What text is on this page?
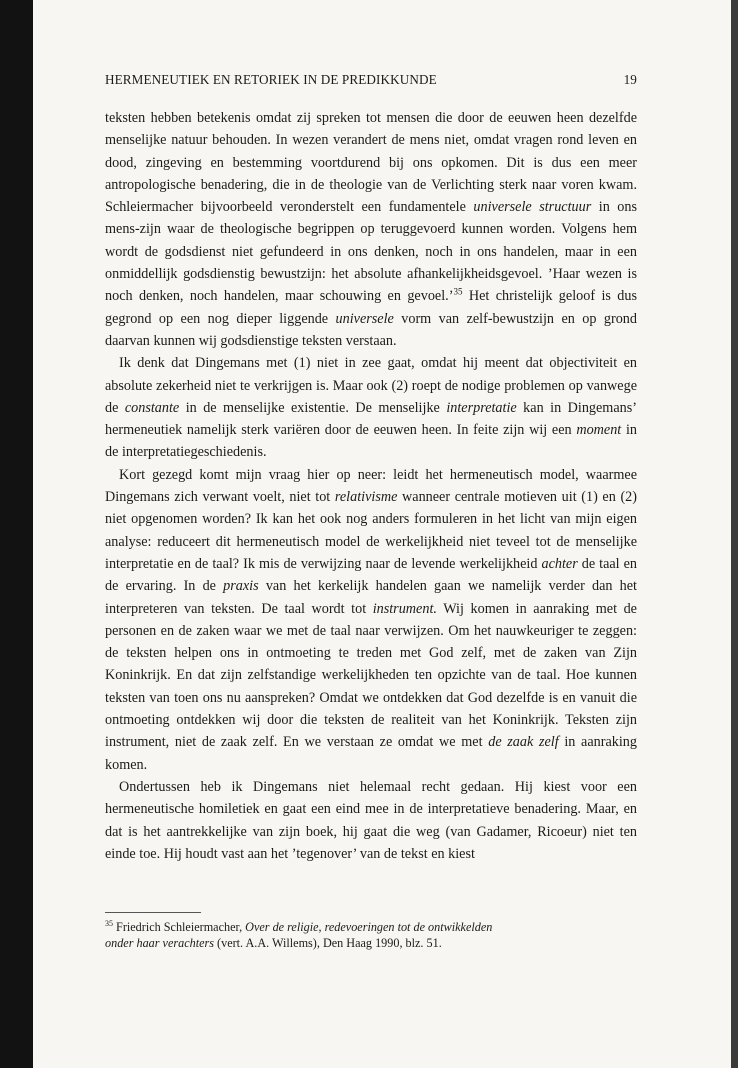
HERMENEUTIEK EN RETORIEK IN DE PREDIKKUNDE	19

teksten hebben betekenis omdat zij spreken tot mensen die door de eeuwen heen dezelfde menselijke natuur behouden. In wezen verandert de mens niet, omdat vragen rond leven en dood, zingeving en bestemming voortdurend bij ons opkomen. Dit is dus een meer antropologische benadering, die in de theologie van de Verlichting sterk naar voren kwam. Schleiermacher bijvoorbeeld veronderstelt een fundamentele universele structuur in ons mens-zijn waar de theologische begrippen op teruggevoerd kunnen worden. Volgens hem wordt de godsdienst niet gefundeerd in ons denken, noch in ons handelen, maar in een onmiddellijk godsdienstig bewustzijn: het absolute afhankelijkheidsgevoel. ’Haar wezen is noch denken, noch handelen, maar schouwing en gevoel.’$^{35}$ Het christelijk geloof is dus gegrond op een nog dieper liggende universele vorm van zelf-bewustzijn en op grond daarvan kunnen wij godsdienstige teksten verstaan.

Ik denk dat Dingemans met (1) niet in zee gaat, omdat hij meent dat objectiviteit en absolute zekerheid niet te verkrijgen is. Maar ook (2) roept de nodige problemen op vanwege de constante in de menselijke existentie. De menselijke interpretatie kan in Dingemans’ hermeneutiek namelijk sterk variëren door de eeuwen heen. In feite zijn wij een moment in de interpretatiegeschiedenis.

Kort gezegd komt mijn vraag hier op neer: leidt het hermeneutisch model, waarmee Dingemans zich verwant voelt, niet tot relativisme wanneer centrale motieven uit (1) en (2) niet opgenomen worden? Ik kan het ook nog anders formuleren in het licht van mijn eigen analyse: reduceert dit hermeneutisch model de werkelijkheid niet teveel tot de menselijke interpretatie en de taal? Ik mis de verwijzing naar de levende werkelijkheid achter de taal en de ervaring. In de praxis van het kerkelijk handelen gaan we namelijk verder dan het interpreteren van teksten. De taal wordt tot instrument. Wij komen in aanraking met de personen en de zaken waar we met de taal naar verwijzen. Om het nauwkeuriger te zeggen: de teksten helpen ons in ontmoeting te treden met God zelf, met de zaken van Zijn Koninkrijk. En dat zijn zelfstandige werkelijkheden ten opzichte van de taal. Hoe kunnen teksten van toen ons nu aanspreken? Omdat we ontdekken dat God dezelfde is en vanuit die ontmoeting ontdekken wij door die teksten de realiteit van het Koninkrijk. Teksten zijn instrument, niet de zaak zelf. En we verstaan ze omdat we met de zaak zelf in aanraking komen.

Ondertussen heb ik Dingemans niet helemaal recht gedaan. Hij kiest voor een hermeneutische homiletiek en gaat een eind mee in de interpretatieve benadering. Maar, en dat is het aantrekkelijke van zijn boek, hij gaat die weg (van Gadamer, Ricoeur) niet ten einde toe. Hij houdt vast aan het ’tegenover’ van de tekst en kiest

$^{35}$ Friedrich Schleiermacher, Over de religie, redevoeringen tot de ontwikkelden onder haar verachters (vert. A.A. Willems), Den Haag 1990, blz. 51.
